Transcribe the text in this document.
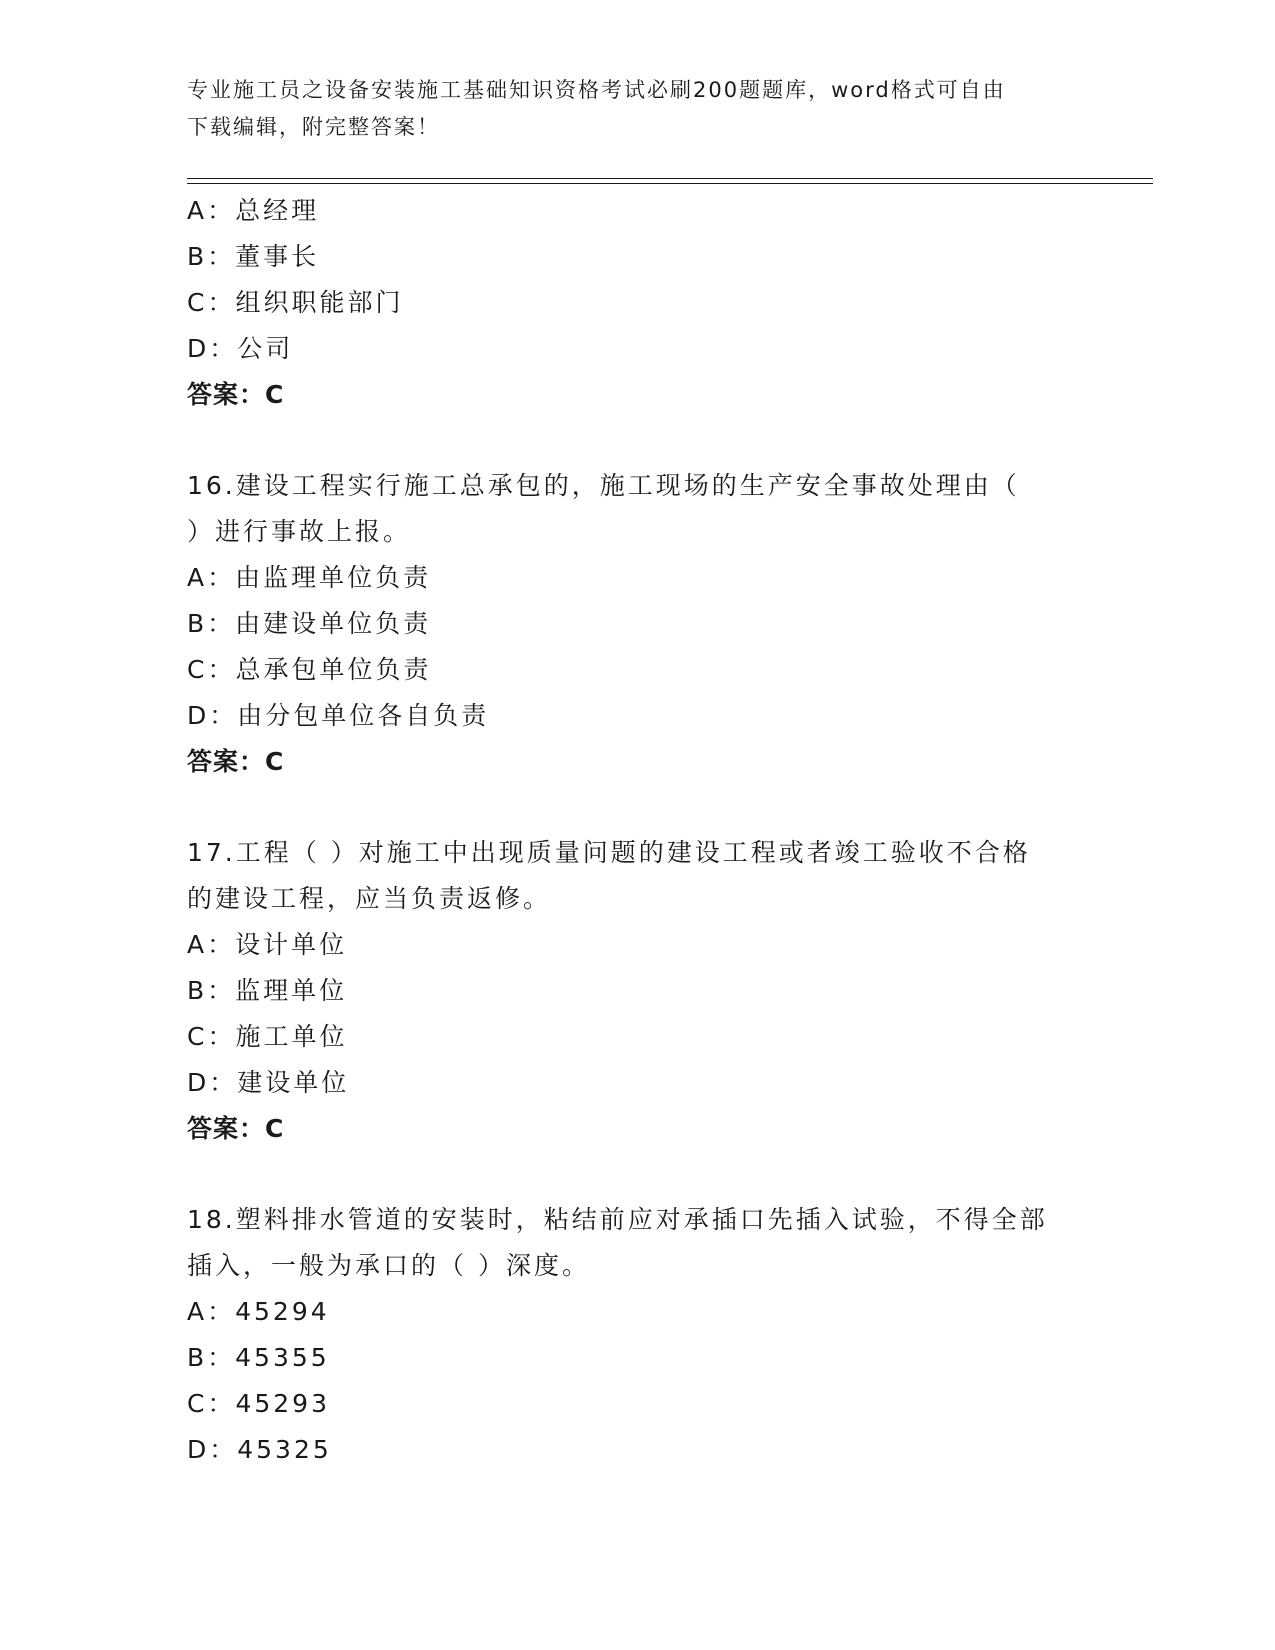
专业施工员之设备安装施工基础知识资格考试必刷200题题库，word格式可自由
下载编辑，附完整答案！
A：总经理
B：董事长
C：组织职能部门
D：公司
答案：C
16.建设工程实行施工总承包的，施工现场的生产安全事故处理由（
）进行事故上报。
A：由监理单位负责
B：由建设单位负责
C：总承包单位负责
D：由分包单位各自负责
答案：C
17.工程（ ）对施工中出现质量问题的建设工程或者竣工验收不合格
的建设工程，应当负责返修。
A：设计单位
B：监理单位
C：施工单位
D：建设单位
答案：C
18.塑料排水管道的安装时，粘结前应对承插口先插入试验，不得全部
插入，一般为承口的（ ）深度。
A：45294
B：45355
C：45293
D：45325
